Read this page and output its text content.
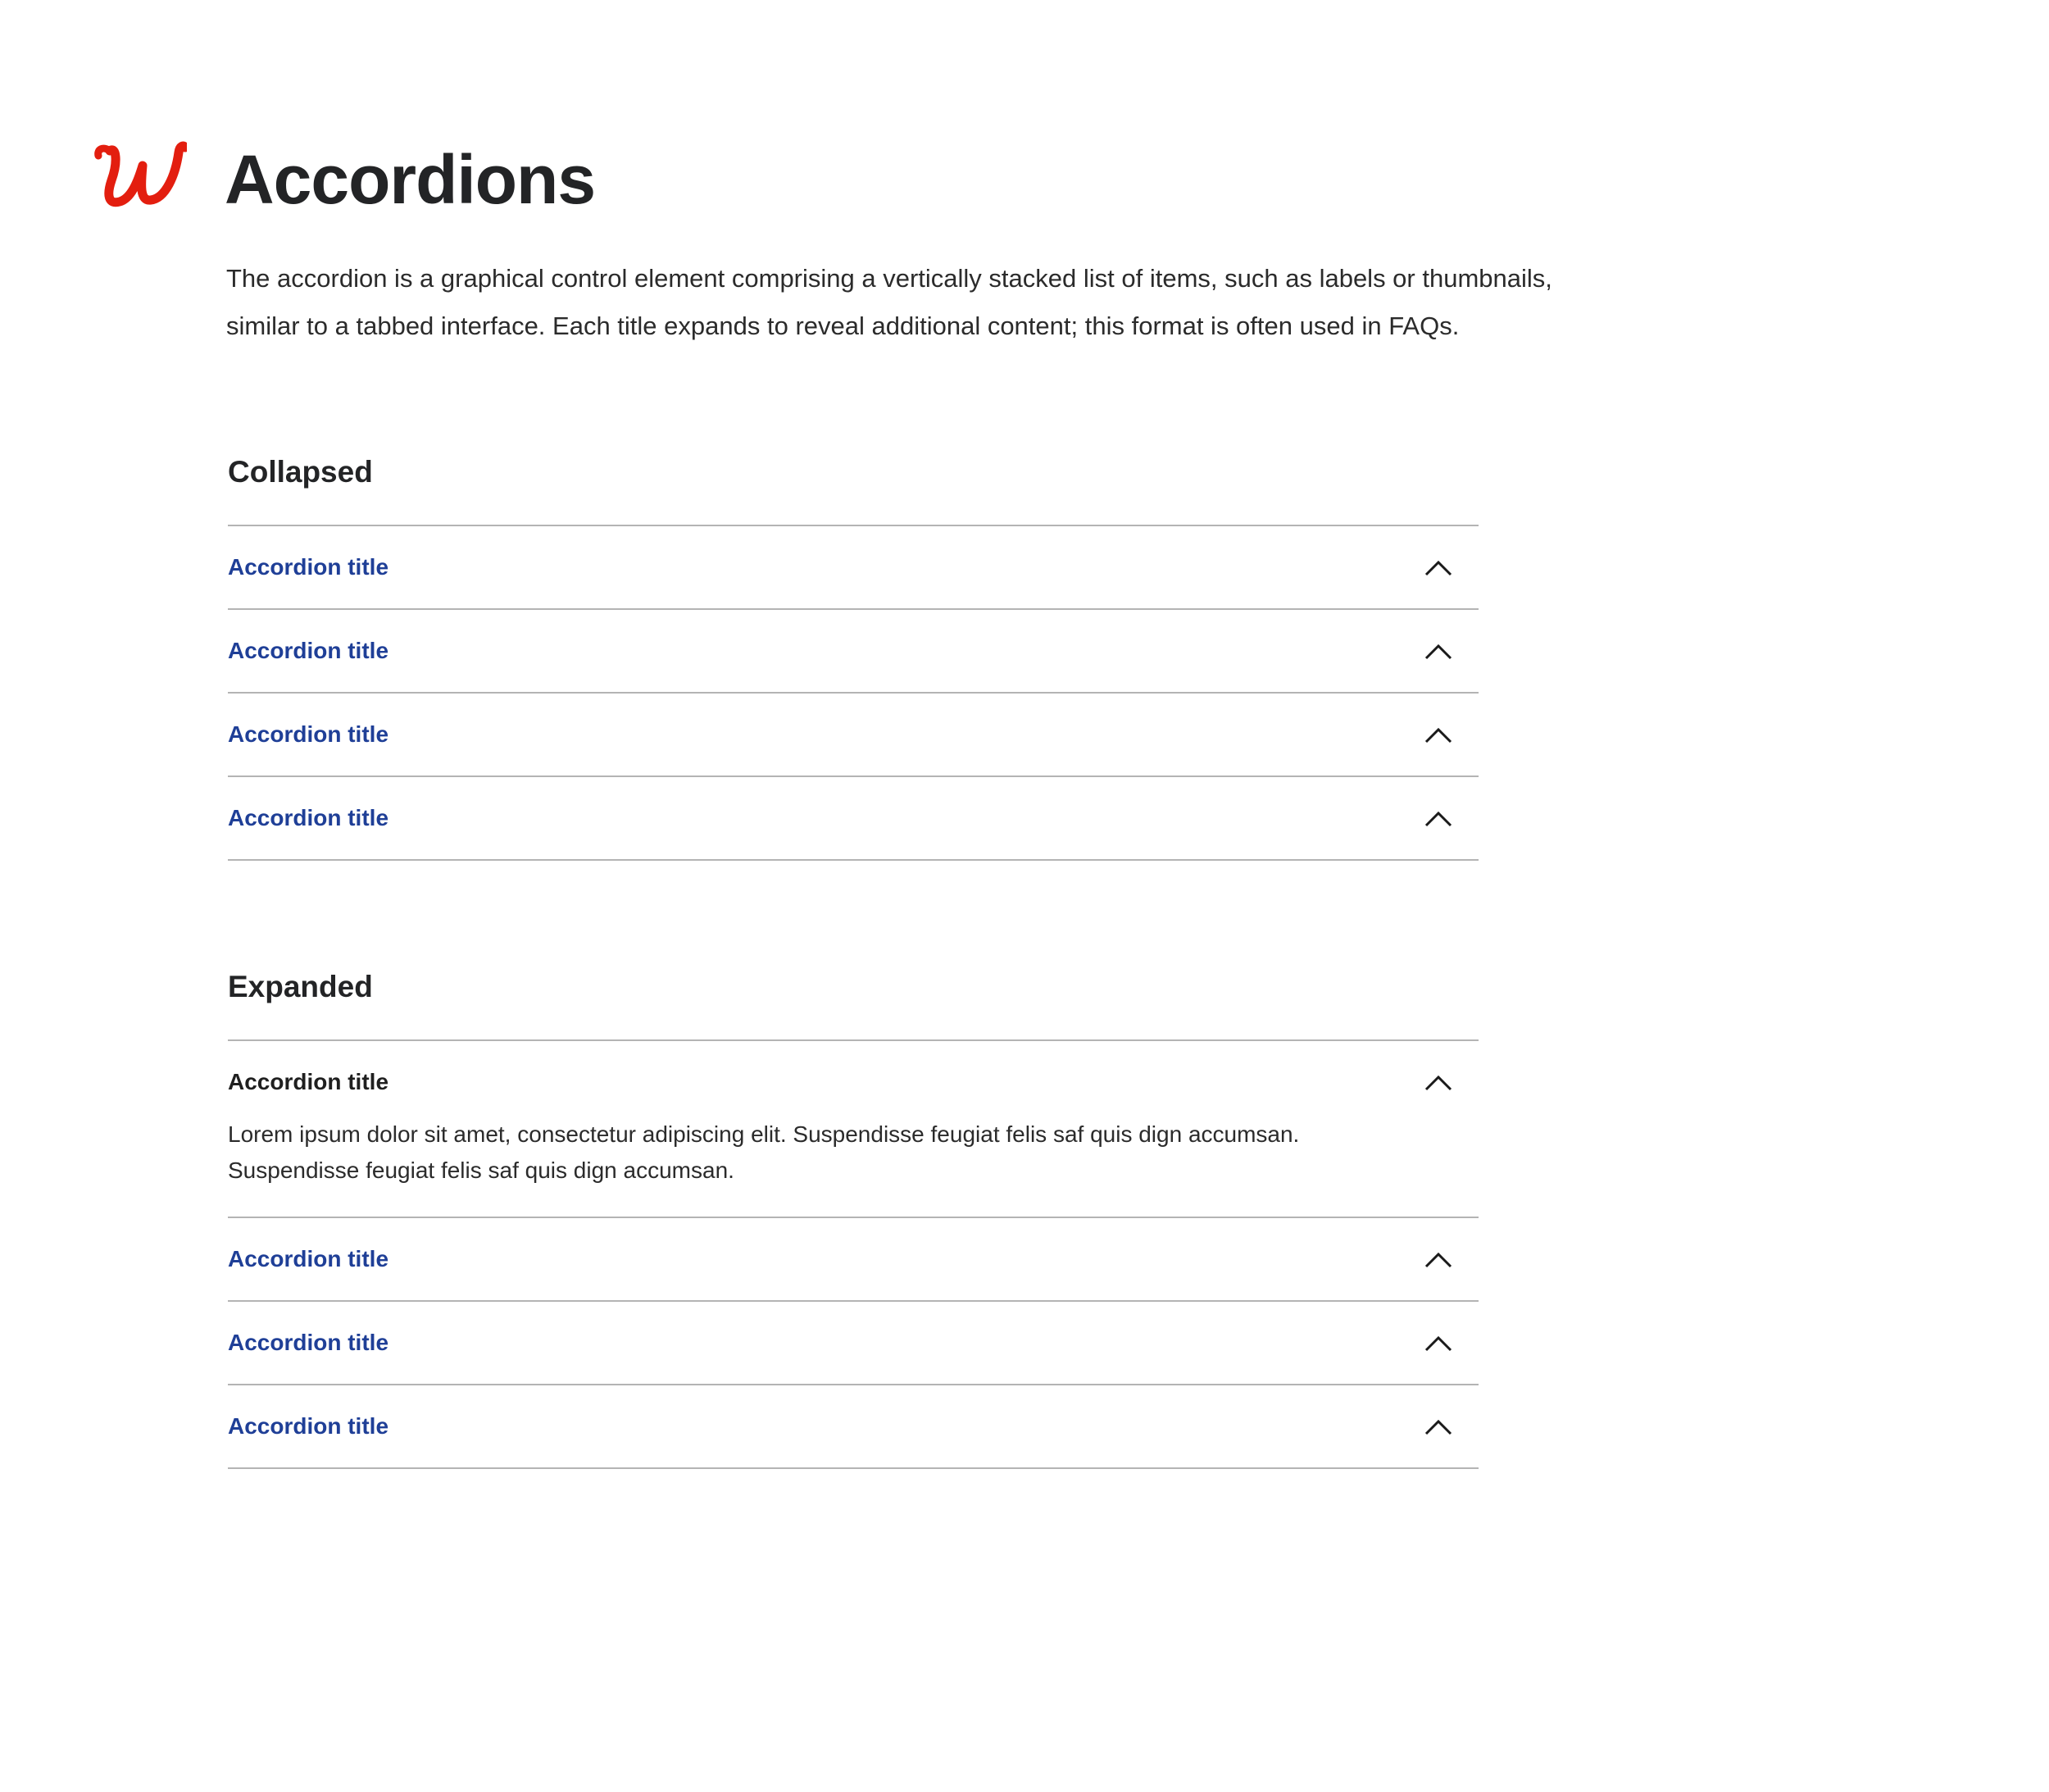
Accordions

The accordion is a graphical control element comprising a vertically stacked list of items, such as labels or thumbnails, similar to a tabbed interface. Each title expands to reveal additional content; this format is often used in FAQs.

Collapsed
Accordion title
Accordion title
Accordion title
Accordion title
Expanded
Accordion title

Lorem ipsum dolor sit amet, consectetur adipiscing elit. Suspendisse feugiat felis saf quis dign accumsan. Suspendisse feugiat felis saf quis dign accumsan.

Accordion title
Accordion title
Accordion title
